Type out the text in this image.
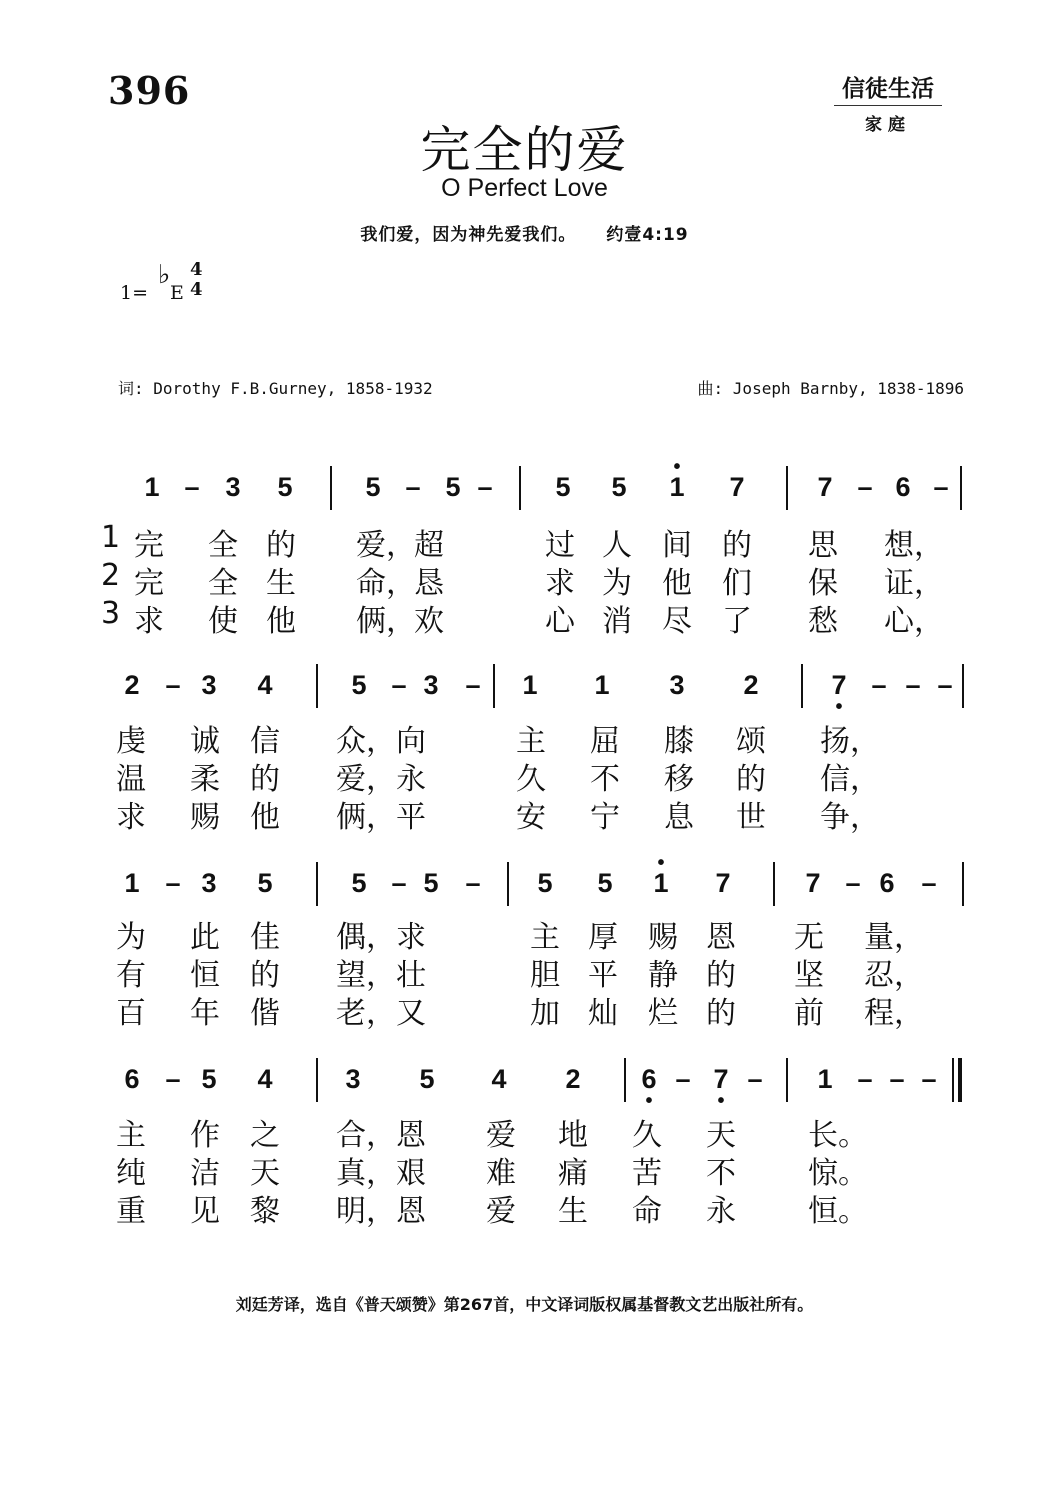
396	信徒生活
家庭
完全的爱
O Perfect Love
我们爱，因为神先爱我们。 约壹4:19
1=
♭
E
4
4
词: Dorothy F.B.Gurney, 1858-1932	曲: Joseph Barnby, 1838-1896
1 – 3	5	5 – 5 –	5	5	1
•
7	7 – 6 –
1 完 全 的 爱，
超	过 人 间 的 思 想，
2 完 全 生 命，
恳	求 为 他 们 保 证，
3 求 使 他 俩，
欢	心 消 尽 了 愁 心，
2 – 3	4	5 – 3 –	1	1	3	2	7
•
– – –
虔 诚 信 众， 向	主 屈 膝 颂 扬，
温 柔 的 爱， 永	久 不 移 的 信，
求 赐 他 俩， 平	安 宁 息 世 争，
1 – 3	5	5 – 5 –	5	5	1
•
7	7 – 6 –
为 此 佳 偶， 求	主 厚 赐 恩 无 量，
有 恒 的 望， 壮	胆 平 静 的 坚 忍，
百 年 偕 老， 又	加 灿 烂 的 前 程，
6 – 5	4	3	5	4	2	6
•
– 7
•
–	1 – – –
主 作 之 合， 恩 爱 地 久 天 长。
纯 洁 天 真， 艰 难 痛 苦 不 惊。
重 见 黎 明， 恩 爱 生 命 永 恒。
刘廷芳译，选自《普天颂赞》第267首，中文译词版权属基督教文艺出版社所有。
